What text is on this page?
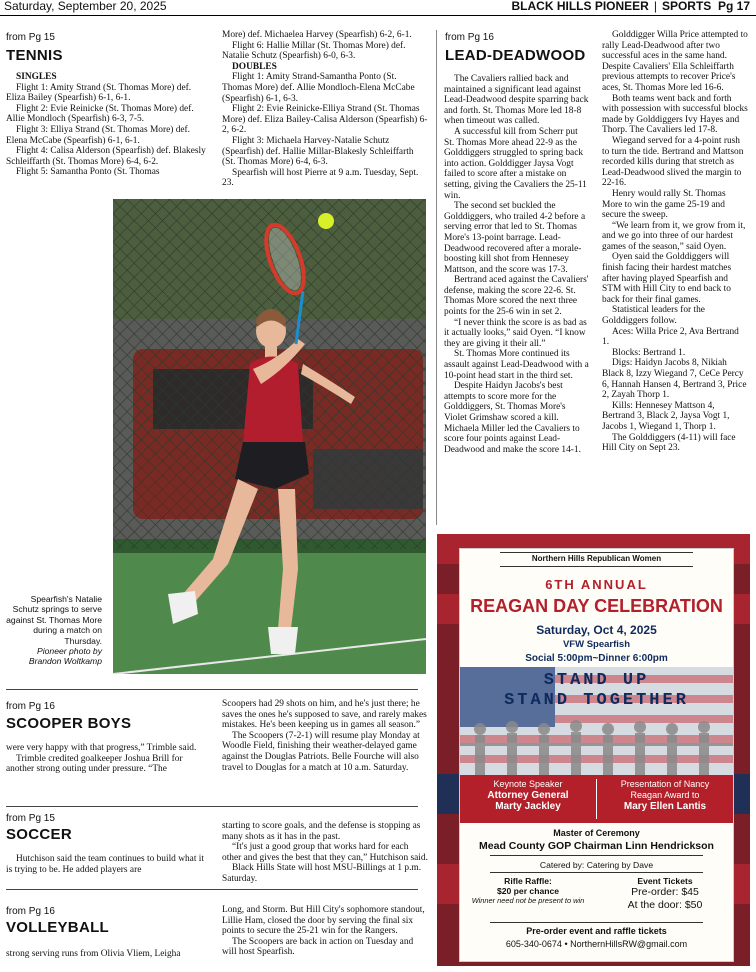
Saturday, September 20, 2025	BLACK HILLS PIONEER | SPORTS Pg 17
from Pg 15
TENNIS

SINGLES

Flight 1: Amity Strand (St. Thomas More) def. Eliza Bailey (Spearfish) 6-1, 6-1.

Flight 2: Evie Reinicke (St. Thomas More) def. Allie Mondloch (Spearfish) 6-3, 7-5.

Flight 3: Elliya Strand (St. Thomas More) def. Elena McCabe (Spearfish) 6-1, 6-1.

Flight 4: Calisa Alderson (Spearfish) def. Blakesly Schleiffarth (St. Thomas More) 6-4, 6-2.

Flight 5: Samantha Ponto (St. Thomas

More) def. Michaelea Harvey (Spearfish) 6-2, 6-1.

Flight 6: Hallie Millar (St. Thomas More) def. Natalie Schutz (Spearfish) 6-0, 6-3.

DOUBLES

Flight 1: Amity Strand-Samantha Ponto (St. Thomas More) def. Allie Mondloch-Elena McCabe (Spearfish) 6-1, 6-3.

Flight 2: Evie Reinicke-Elliya Strand (St. Thomas More) def. Eliza Bailey-Calisa Alderson (Spearfish) 6-2, 6-2.

Flight 3: Michaela Harvey-Natalie Schutz (Spearfish) def. Hallie Millar-Blakesly Schleiffarth (St. Thomas More) 6-4, 6-3.

Spearfish will host Pierre at 9 a.m. Tuesday, Sept. 23.

Spearfish's Natalie Schutz springs to serve against St. Thomas More during a match on Thursday.
Pioneer photo by Brandon Woltkamp
from Pg 16
LEAD-DEADWOOD

The Cavaliers rallied back and maintained a significant lead against Lead-Deadwood despite sparring back and forth. St. Thomas More led 18-8 when timeout was called.

A successful kill from Scherr put St. Thomas More ahead 22-9 as the Golddiggers struggled to spring back into action. Golddigger Jaysa Vogt failed to score after a mistake on setting, giving the Cavaliers the 25-11 win.

The second set buckled the Golddiggers, who trailed 4-2 before a serving error that led to St. Thomas More's 13-point barrage. Lead-Deadwood recovered after a morale-boosting kill shot from Hennesey Mattson, and the score was 17-3.

Bertrand aced against the Cavaliers' defense, making the score 22-6. St. Thomas More scored the next three points for the 25-6 win in set 2.

“I never think the score is as bad as it actually looks,” said Oyen. “I know they are giving it their all.”

St. Thomas More continued its assault against Lead-Deadwood with a 10-point head start in the third set.

Despite Haidyn Jacobs's best attempts to score more for the Golddiggers, St. Thomas More's Violet Grimshaw scored a kill. Michaela Miller led the Cavaliers to score four points against Lead-Deadwood and make the score 14-1.

Golddigger Willa Price attempted to rally Lead-Deadwood after two successful aces in the same hand. Despite Cavaliers' Ella Schleiffarth previous attempts to recover Price's aces, St. Thomas More led 16-6.

Both teams went back and forth with possession with successful blocks made by Golddiggers Ivy Hayes and Thorp. The Cavaliers led 17-8.

Wiegand served for a 4-point rush to turn the tide. Bertrand and Mattson recorded kills during that stretch as Lead-Deadwood slived the margin to 22-16.

Henry would rally St. Thomas More to win the game 25-19 and secure the sweep.

“We learn from it, we grow from it, and we go into three of our hardest games of the season,” said Oyen.

Oyen said the Golddiggers will finish facing their hardest matches after having played Spearfish and STM with Hill City to end back to back for their final games.

Statistical leaders for the Golddiggers follow.

Aces: Willa Price 2, Ava Bertrand 1.

Blocks: Bertrand 1.

Digs: Haidyn Jacobs 8, Nikiah Black 8, Izzy Wiegand 7, CeCe Percy 6, Hannah Hansen 4, Bertrand 3, Price 2, Zayah Thorp 1.

Kills: Hennesey Mattson 4, Bertrand 3, Black 2, Jaysa Vogt 1, Jacobs 1, Wiegand 1, Thorp 1.

The Golddiggers (4-11) will face Hill City on Sept 23.

from Pg 16
SCOOPER BOYS

were very happy with that progress,” Trimble said.

Trimble credited goalkeeper Joshua Brill for another strong outing under pressure. “The

Scoopers had 29 shots on him, and he's just there; he saves the ones he's supposed to save, and rarely makes mistakes. He's been keeping us in games all season.”

The Scoopers (7-2-1) will resume play Monday at Woodle Field, finishing their weather-delayed game against the Douglas Patriots. Belle Fourche will also travel to Douglas for a match at 10 a.m. Saturday.

from Pg 15
SOCCER

Hutchison said the team continues to build what it is trying to be. He added players are

starting to score goals, and the defense is stopping as many shots as it has in the past.

“It's just a good group that works hard for each other and gives the best that they can,” Hutchison said.

Black Hills State will host MSU-Billings at 1 p.m. Saturday.

from Pg 16
VOLLEYBALL

strong serving runs from Olivia Vliem, Leigha

Long, and Storm. But Hill City's sophomore standout, Lillie Ham, closed the door by serving the final six points to secure the 25-21 win for the Rangers.

The Scoopers are back in action on Tuesday and will host Spearfish.

Northern Hills Republican Women
6TH ANNUAL
REAGAN DAY CELEBRATION
Saturday, Oct 4, 2025
VFW Spearfish
Social 5:00pm~Dinner 6:00pm
STAND UP
STAND TOGETHER
Keynote Speaker
Attorney General
Marty Jackley
Presentation of Nancy
Reagan Award to
Mary Ellen Lantis
Master of Ceremony
Mead County GOP Chairman Linn Hendrickson
Catered by: Catering by Dave
Rifle Raffle:
$20 per chance
Winner need not be present to win
Event Tickets
Pre-order: $45
At the door: $50
Pre-order event and raffle tickets
605-340-0674 • NorthernHillsRW@gmail.com
